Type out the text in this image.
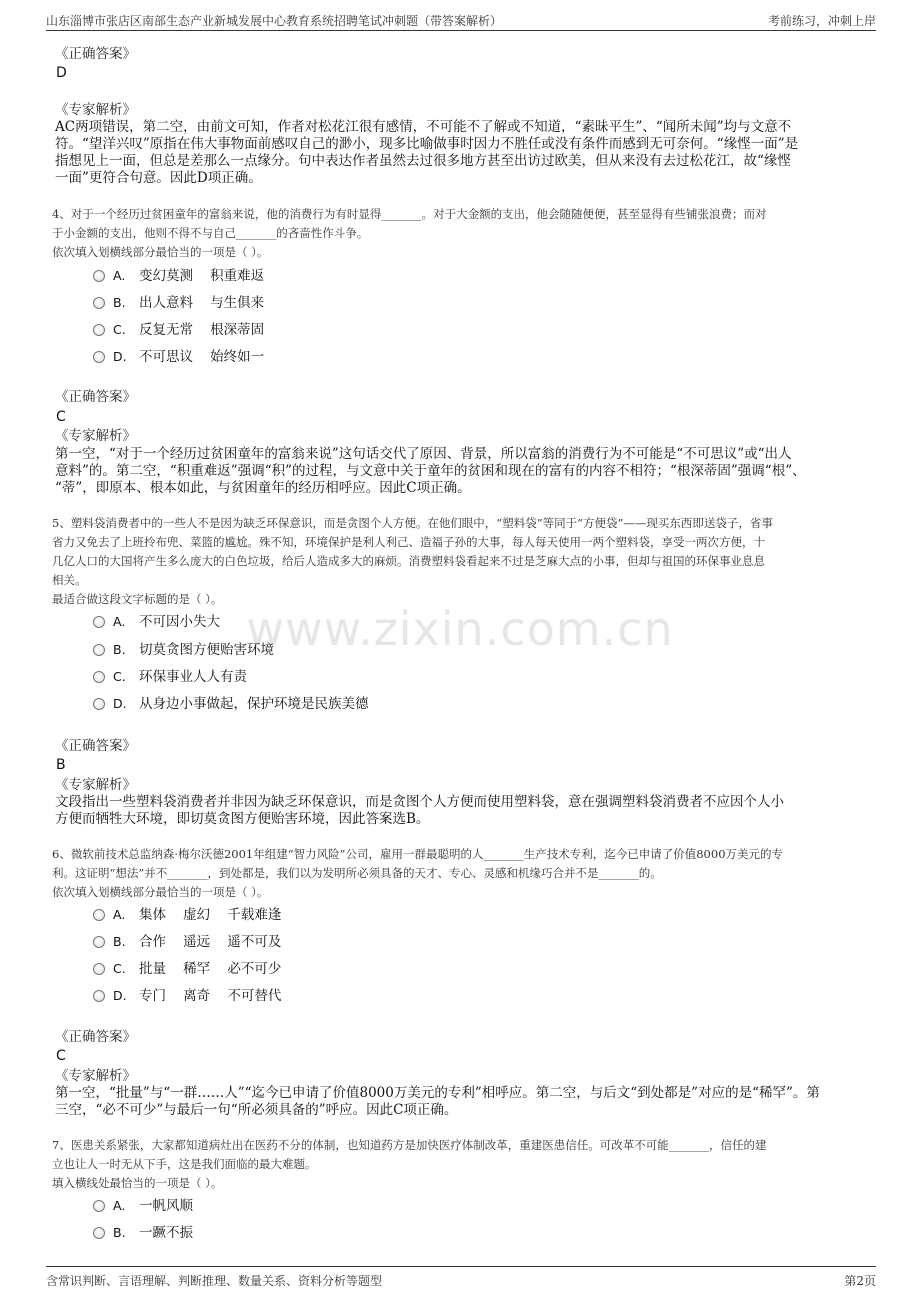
山东淄博市张店区南部生态产业新城发展中心教育系统招聘笔试冲刺题（带答案解析）	考前练习，冲刺上岸
www.zixin.com.cn
《正确答案》
D
《专家解析》
AC两项错误，第二空，由前文可知，作者对松花江很有感情，不可能不了解或不知道，“素昧平生”、“闻所未闻”均与文意不
符。“望洋兴叹”原指在伟大事物面前感叹自己的渺小，现多比喻做事时因力不胜任或没有条件而感到无可奈何。“缘悭一面”是
指想见上一面，但总是差那么一点缘分。句中表达作者虽然去过很多地方甚至出访过欧美，但从来没有去过松花江，故“缘悭
一面”更符合句意。因此D项正确。
4、对于一个经历过贫困童年的富翁来说，他的消费行为有时显得_______。对于大金额的支出，他会随随便便，甚至显得有些铺张浪费；而对
于小金额的支出，他则不得不与自己_______的吝啬性作斗争。
依次填入划横线部分最恰当的一项是（ ）。
A. 变幻莫测    积重难返
B. 出人意料    与生俱来
C. 反复无常    根深蒂固
D. 不可思议    始终如一
《正确答案》
C
《专家解析》
第一空，“对于一个经历过贫困童年的富翁来说”这句话交代了原因、背景，所以富翁的消费行为不可能是“不可思议”或“出人
意料”的。第二空，“积重难返”强调“积”的过程，与文意中关于童年的贫困和现在的富有的内容不相符；“根深蒂固”强调“根”、
“蒂”，即原本、根本如此，与贫困童年的经历相呼应。因此C项正确。
5、塑料袋消费者中的一些人不是因为缺乏环保意识，而是贪图个人方便。在他们眼中，“塑料袋”等同于“方便袋”——现买东西即送袋子，省事
省力又免去了上班拎布兜、菜篮的尴尬。殊不知，环境保护是利人利己、造福子孙的大事，每人每天使用一两个塑料袋，享受一两次方便，十
几亿人口的大国将产生多么庞大的白色垃圾，给后人造成多大的麻烦。消费塑料袋看起来不过是芝麻大点的小事，但却与祖国的环保事业息息
相关。
最适合做这段文字标题的是（ ）。
A. 不可因小失大
B. 切莫贪图方便贻害环境
C. 环保事业人人有责
D. 从身边小事做起，保护环境是民族美德
《正确答案》
B
《专家解析》
文段指出一些塑料袋消费者并非因为缺乏环保意识，而是贪图个人方便而使用塑料袋，意在强调塑料袋消费者不应因个人小
方便而牺牲大环境，即切莫贪图方便贻害环境，因此答案选B。
6、微软前技术总监纳森·梅尔沃德2001年组建“智力风险”公司，雇用一群最聪明的人_______生产技术专利，迄今已申请了价值8000万美元的专
利。这证明“想法”并不_______，到处都是，我们以为发明所必须具备的天才、专心、灵感和机缘巧合并不是_______的。
依次填入划横线部分最恰当的一项是（ ）。
A. 集体    虚幻    千载难逢
B. 合作    遥远    遥不可及
C. 批量    稀罕    必不可少
D. 专门    离奇    不可替代
《正确答案》
C
《专家解析》
第一空，“批量”与“一群……人”“迄今已申请了价值8000万美元的专利”相呼应。第二空，与后文“到处都是”对应的是“稀罕”。第
三空，“必不可少”与最后一句“所必须具备的”呼应。因此C项正确。
7、医患关系紧张，大家都知道病灶出在医药不分的体制，也知道药方是加快医疗体制改革，重建医患信任。可改革不可能_______，信任的建
立也让人一时无从下手，这是我们面临的最大难题。
填入横线处最恰当的一项是（ ）。
A. 一帆风顺
B. 一蹶不振
含常识判断、言语理解、判断推理、数量关系、资料分析等题型	第2页
